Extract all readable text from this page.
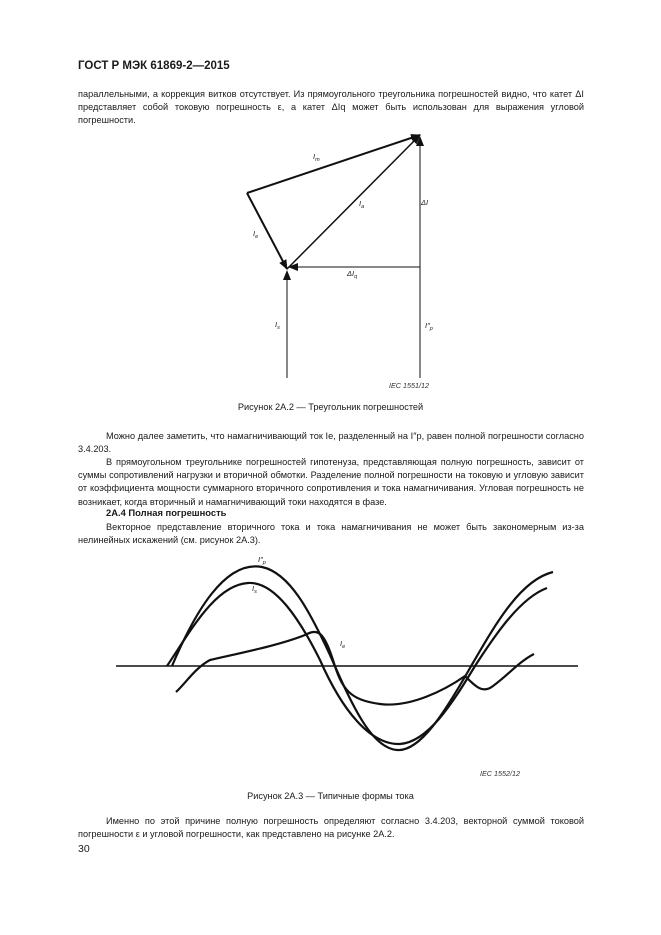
ГОСТ Р МЭК 61869-2—2015

параллельными, а коррекция витков отсутствует. Из прямоугольного треугольника погрешностей видно, что катет ΔI представляет собой токовую погрешность ε, а катет ΔIq может быть использован для выражения угловой погрешности.

$I_m$
$I_a$
$I_e$
ΔI
$\Delta I_q$
$I_s$	$I''_p$
IEC 1551/12
Рисунок 2А.2 — Треугольник погрешностей

Можно далее заметить, что намагничивающий ток Ie, разделенный на I″p, равен полной погрешности согласно 3.4.203.

В прямоугольном треугольнике погрешностей гипотенуза, представляющая полную погрешность, зависит от суммы сопротивлений нагрузки и вторичной обмотки. Разделение полной погрешности на токовую и угловую зависит от коэффициента мощности суммарного вторичного сопротивления и тока намагничивания. Угловая погрешность не возникает, когда вторичный и намагничивающий токи находятся в фазе.

2А.4 Полная погрешность

Векторное представление вторичного тока и тока намагничивания не может быть закономерным из-за нелинейных искажений (см. рисунок 2А.3).

$I''_p$
$I_s$
$I_e$
IEC 1552/12
Рисунок 2А.3 — Типичные формы тока

Именно по этой причине полную погрешность определяют согласно 3.4.203, векторной суммой токовой погрешности ε и угловой погрешности, как представлено на рисунке 2А.2.

30
